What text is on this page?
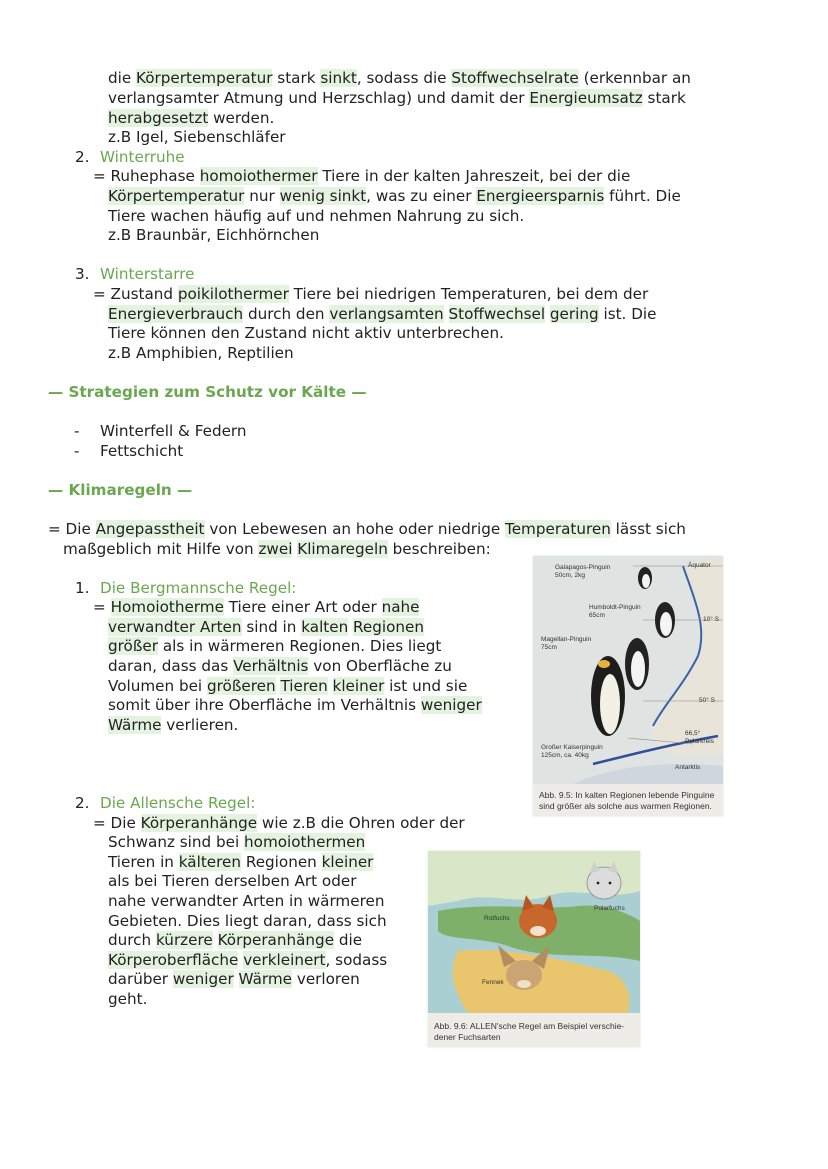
die Körpertemperatur stark sinkt, sodass die Stoffwechselrate (erkennbar an
verlangsamter Atmung und Herzschlag) und damit der Energieumsatz stark
herabgesetzt werden.
z.B Igel, Siebenschläfer
2. Winterruhe
= Ruhephase homoiothermer Tiere in der kalten Jahreszeit, bei der die
Körpertemperatur nur wenig sinkt, was zu einer Energieersparnis führt. Die
Tiere wachen häufig auf und nehmen Nahrung zu sich.
z.B Braunbär, Eichhörnchen
3. Winterstarre
= Zustand poikilothermer Tiere bei niedrigen Temperaturen, bei dem der
Energieverbrauch durch den verlangsamten Stoffwechsel gering ist. Die
Tiere können den Zustand nicht aktiv unterbrechen.
z.B Amphibien, Reptilien
— Strategien zum Schutz vor Kälte —
- Winterfell & Federn
- Fettschicht
— Klimaregeln —
= Die Angepasstheit von Lebewesen an hohe oder niedrige Temperaturen lässt sich
maßgeblich mit Hilfe von zwei Klimaregeln beschreiben:
1. Die Bergmannsche Regel:
= Homoiotherme Tiere einer Art oder nahe
verwandter Arten sind in kalten Regionen
größer als in wärmeren Regionen. Dies liegt
daran, dass das Verhältnis von Oberfläche zu
Volumen bei größeren Tieren kleiner ist und sie
somit über ihre Oberfläche im Verhältnis weniger
Wärme verlieren.
2. Die Allensche Regel:
= Die Körperanhänge wie z.B die Ohren oder der
Schwanz sind bei homoiothermen
Tieren in kälteren Regionen kleiner
als bei Tieren derselben Art oder
nahe verwandter Arten in wärmeren
Gebieten. Dies liegt daran, dass sich
durch kürzere Körperanhänge die
Körperoberfläche verkleinert, sodass
darüber weniger Wärme verloren
geht.
Galapagos-Pinguin
50cm, 2kg
Äquator
Humboldt-Pinguin
65cm
10° S
Magellan-Pinguin
75cm
50° S
66,5°
Polarkreis
Großer Kaiserpinguin
125cm, ca. 40kg
Antarktis
Abb. 9.5: In kalten Regionen lebende Pinguine
sind größer als solche aus warmen Regionen.
Polarfuchs
Rotfuchs
Fennek
Abb. 9.6: ALLEN'sche Regel am Beispiel verschie-
dener Fuchsarten
